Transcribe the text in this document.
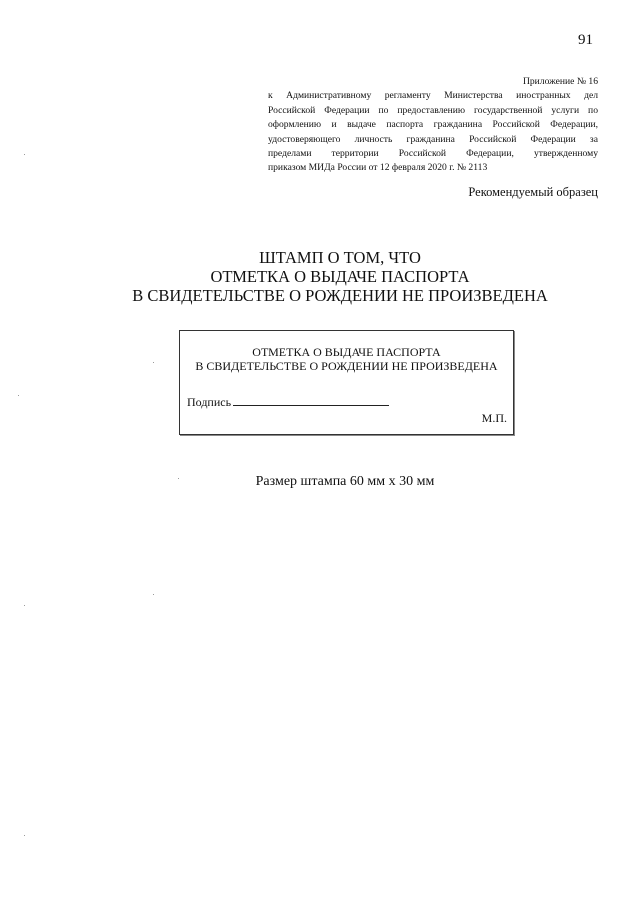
91
Приложение № 16
к Административному регламенту Министерства иностранных дел
Российской Федерации по предоставлению государственной услуги по
оформлению и выдаче паспорта гражданина Российской Федерации,
удостоверяющего личность гражданина Российской Федерации за
пределами территории Российской Федерации, утвержденному
приказом МИДа России от 12 февраля 2020 г. № 2113
Рекомендуемый образец
ШТАМП О ТОМ, ЧТО
ОТМЕТКА О ВЫДАЧЕ ПАСПОРТА
В СВИДЕТЕЛЬСТВЕ О РОЖДЕНИИ НЕ ПРОИЗВЕДЕНА
ОТМЕТКА О ВЫДАЧЕ ПАСПОРТА
В СВИДЕТЕЛЬСТВЕ О РОЖДЕНИИ НЕ ПРОИЗВЕДЕНА
Подпись
М.П.
Размер штампа 60 мм х 30 мм
